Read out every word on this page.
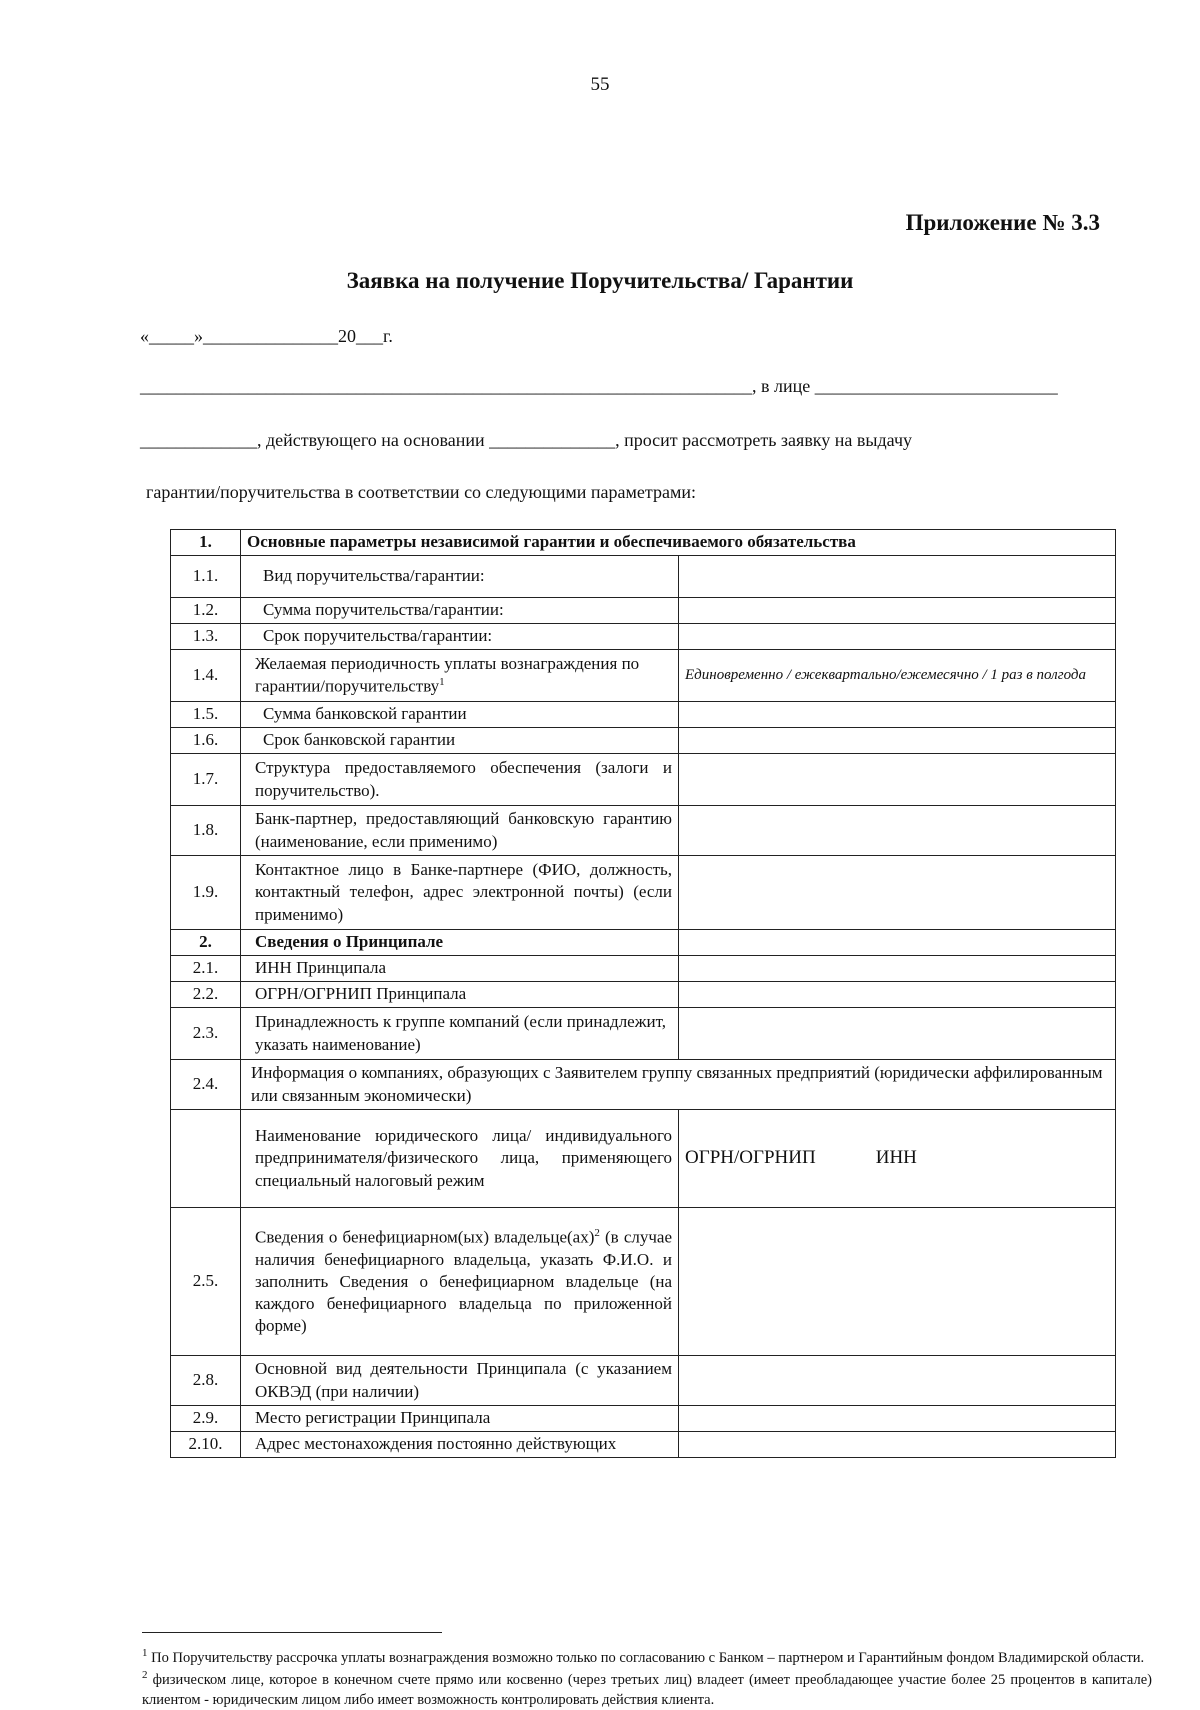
55
Приложение № 3.3
Заявка на получение Поручительства/ Гарантии
«_____»_______________20___г.
____________________________________________________________________, в лице ___________________________
_____________, действующего на основании ______________, просит рассмотреть заявку на выдачу
гарантии/поручительства в соответствии со следующими параметрами:
1.	Основные параметры независимой гарантии и обеспечиваемого обязательства	
1.1.	Вид поручительства/гарантии:	
1.2.	Сумма поручительства/гарантии:	
1.3.	Срок поручительства/гарантии:	
1.4.	Желаемая периодичность уплаты вознаграждения по гарантии/поручительству$^1$	Единовременно / ежеквартально/ежемесячно / 1 раз в полгода
1.5.	Сумма банковской гарантии	
1.6.	Срок банковской гарантии	
1.7.	Структура предоставляемого обеспечения (залоги и поручительство).	
1.8.	Банк-партнер, предоставляющий банковскую гарантию (наименование, если применимо)	
1.9.	Контактное лицо в Банке-партнере (ФИО, должность, контактный телефон, адрес электронной почты) (если применимо)	
2.	Сведения о Принципале	
2.1.	ИНН Принципала	
2.2.	ОГРН/ОГРНИП Принципала	
2.3.	Принадлежность к группе компаний (если принадлежит, указать наименование)	
2.4.	Информация о компаниях, образующих с Заявителем группу связанных предприятий (юридически аффилированным или связанным экономически)	
	Наименование юридического лица/ индивидуального предпринимателя/физического лица, применяющего специальный налоговый режим	ОГРН/ОГРНИП ИНН
2.5.	Сведения о бенефициарном(ых) владельце(ах)$^2$ (в случае наличия бенефициарного владельца, указать Ф.И.О. и заполнить Сведения о бенефициарном владельце (на каждого бенефициарного владельца по приложенной форме)	
2.8.	Основной вид деятельности Принципала (с указанием ОКВЭД (при наличии)	
2.9.	Место регистрации Принципала	
2.10.	Адрес местонахождения постоянно действующих	

$^1$ По Поручительству рассрочка уплаты вознаграждения возможно только по согласованию с Банком – партнером и Гарантийным фондом Владимирской области.

$^2$ физическом лице, которое в конечном счете прямо или косвенно (через третьих лиц) владеет (имеет преобладающее участие более 25 процентов в капитале) клиентом - юридическим лицом либо имеет возможность контролировать действия клиента.
